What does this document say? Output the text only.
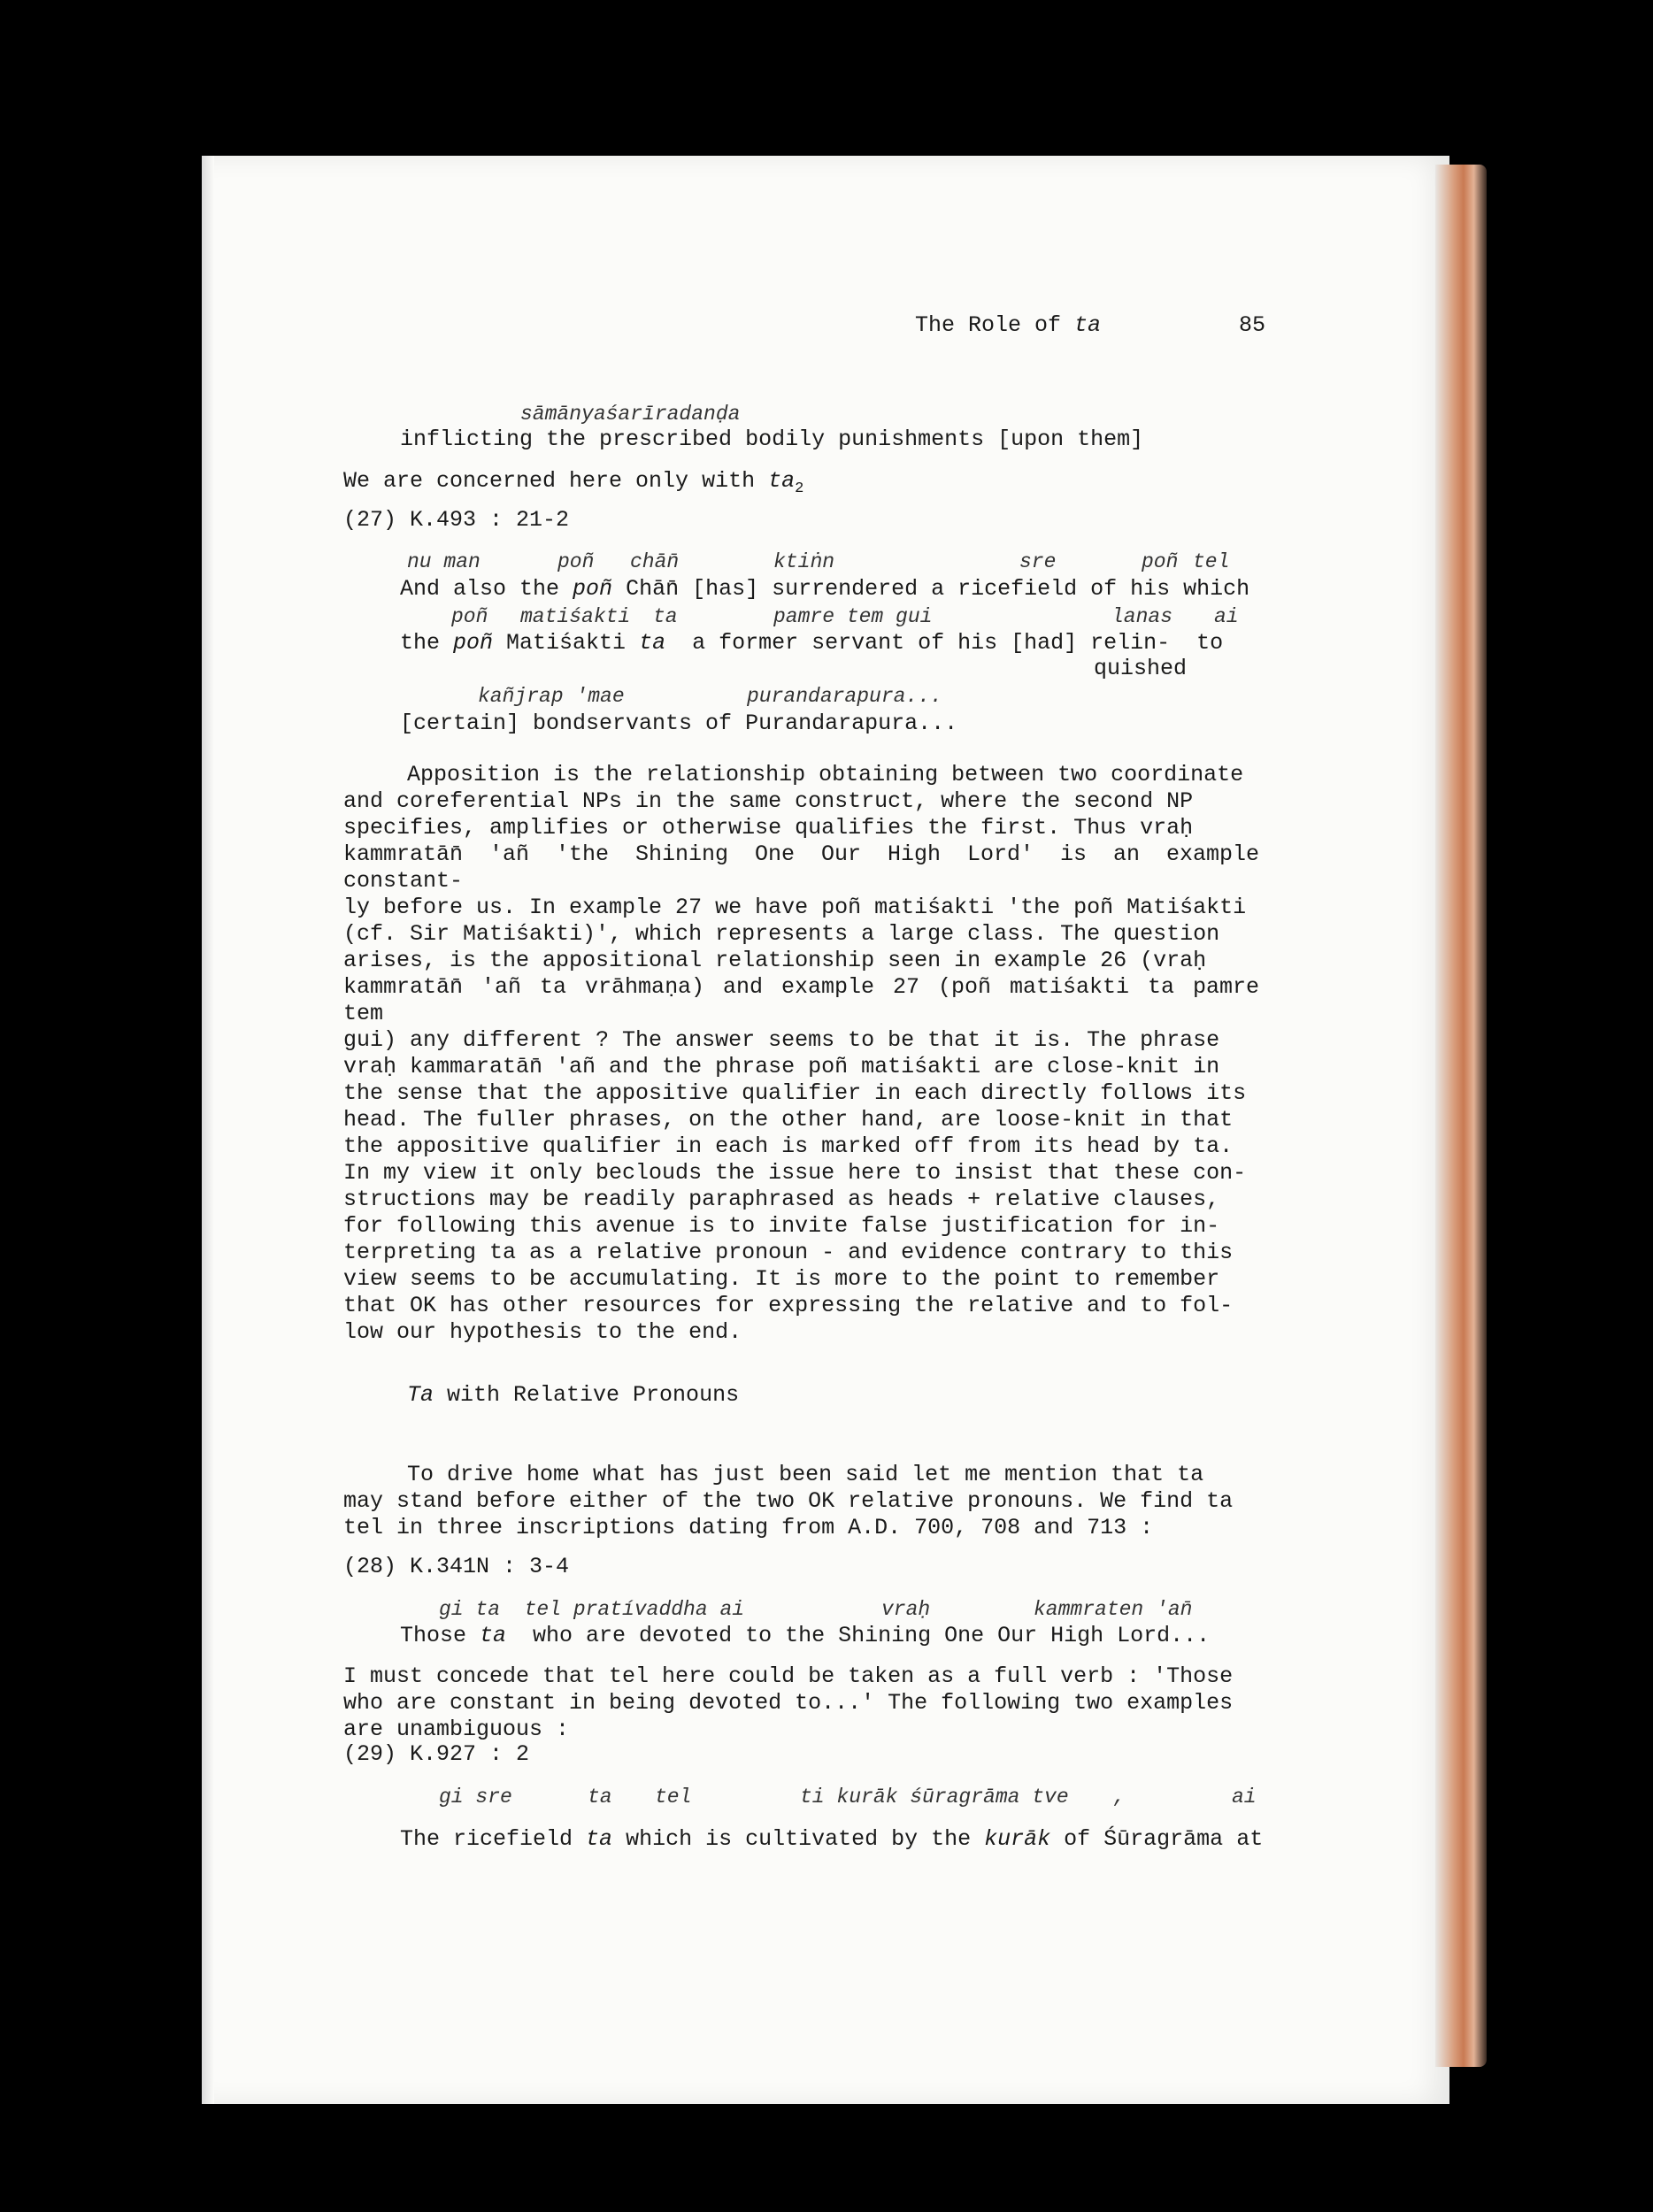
The Role of ta	85
sāmānyaśarīradanḍa
inflicting the prescribed bodily punishments [upon them]
We are concerned here only with $ta_2$
(27) K.493 : 21-2
nu man	poñ chān̄	ktiṅn	sre	poñ tel
And also the poñ Chān̄ [has] surrendered a ricefield of his which
poñ matiśakti ta	pamre tem gui	lanas ai
the poñ Matiśakti ta  a former servant of his [had] relin-  to
quished
kañjrap 'mae	purandarapura...
[certain] bondservants of Purandarapura...
Apposition is the relationship obtaining between two coordinate
and coreferential NPs in the same construct, where the second NP
specifies, amplifies or otherwise qualifies the first. Thus vraḥ
kammratān̄ 'añ 'the Shining One Our High Lord' is an example constant-
ly before us. In example 27 we have poñ matiśakti 'the poñ Matiśakti
(cf. Sir Matiśakti)', which represents a large class. The question
arises, is the appositional relationship seen in example 26 (vraḥ
kammratān̄ 'añ ta vrāhmaṇa) and example 27 (poñ matiśakti ta pamre tem
gui) any different ? The answer seems to be that it is. The phrase
vraḥ kammaratān̄ 'añ and the phrase poñ matiśakti are close-knit in
the sense that the appositive qualifier in each directly follows its
head. The fuller phrases, on the other hand, are loose-knit in that
the appositive qualifier in each is marked off from its head by ta.
In my view it only beclouds the issue here to insist that these con-
structions may be readily paraphrased as heads + relative clauses,
for following this avenue is to invite false justification for in-
terpreting ta as a relative pronoun - and evidence contrary to this
view seems to be accumulating. It is more to the point to remember
that OK has other resources for expressing the relative and to fol-
low our hypothesis to the end.
Ta with Relative Pronouns
To drive home what has just been said let me mention that ta
may stand before either of the two OK relative pronouns. We find ta
tel in three inscriptions dating from A.D. 700, 708 and 713 :
(28) K.341N : 3-4
gi ta  tel pratívaddha ai	vraḥ	kammraten 'an̄
Those ta  who are devoted to the Shining One Our High Lord...
I must concede that tel here could be taken as a full verb : 'Those
who are constant in being devoted to...' The following two examples
are unambiguous :
(29) K.927 : 2
gi sre	ta tel	ti kurāk śūragrāma tve ,	ai
The ricefield ta which is cultivated by the kurāk of Śūragrāma at
